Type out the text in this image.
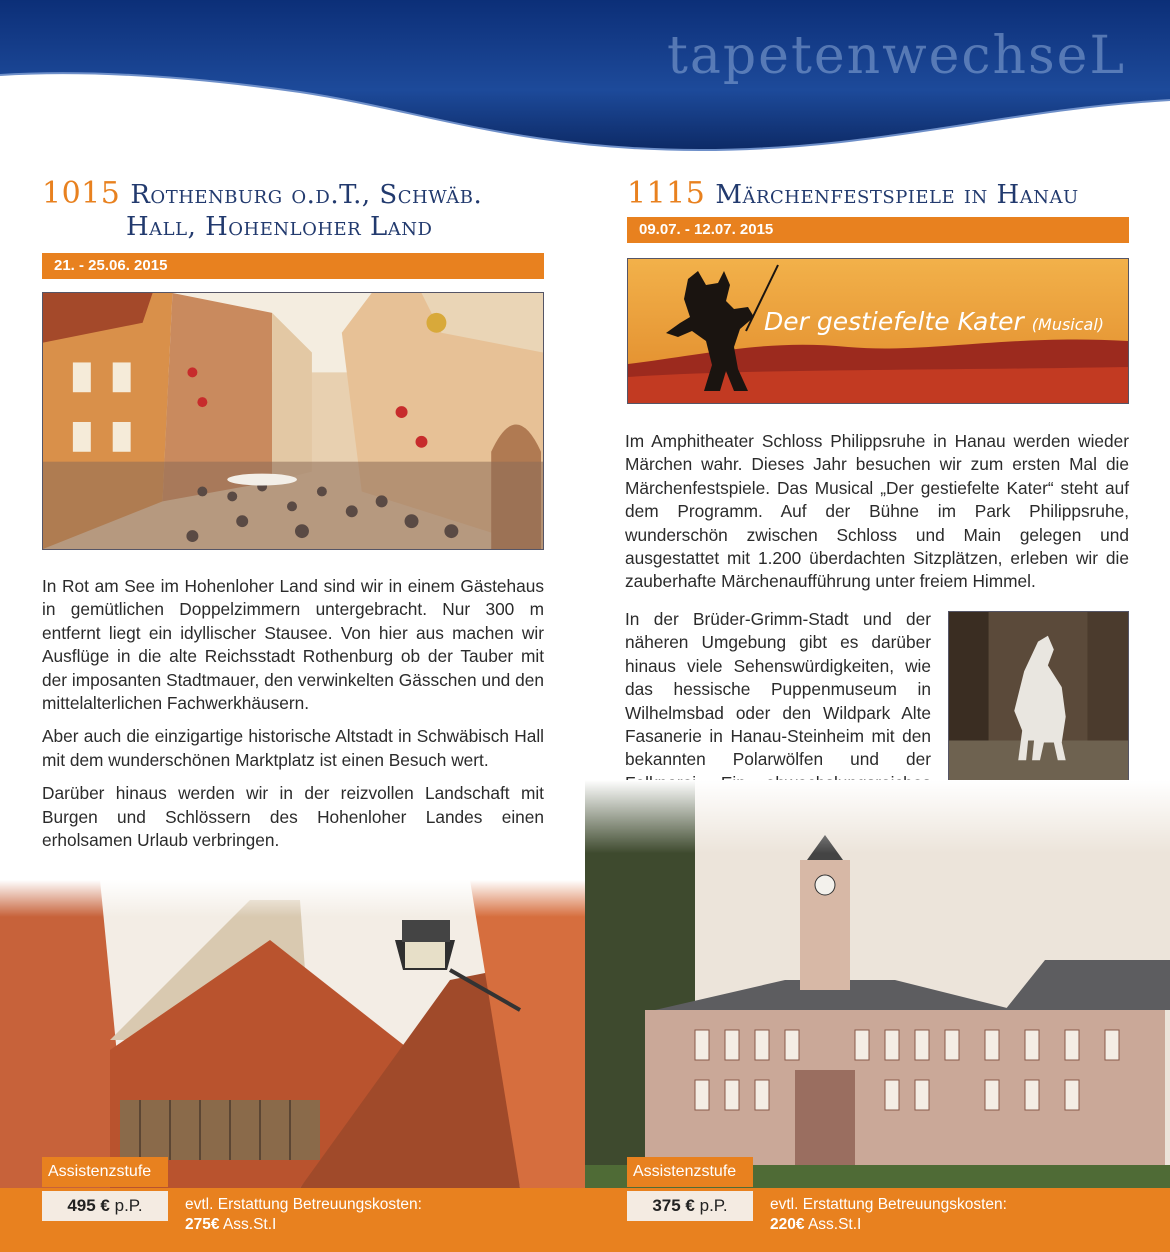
tapetenwechseL
1015 Rothenburg o.d.T., Schwäb.
Hall, Hohenloher Land
21. - 25.06. 2015

In Rot am See im Hohenloher Land sind wir in einem Gästehaus in gemütlichen Doppelzimmern untergebracht. Nur 300 m entfernt liegt ein idyllischer Stausee. Von hier aus machen wir Ausflüge in die alte Reichsstadt Rothenburg ob der Tauber mit der imposanten Stadtmauer, den verwinkelten Gässchen und den mittelalterlichen Fachwerkhäusern.

Aber auch die einzigartige historische Altstadt in Schwäbisch Hall mit dem wunderschönen Marktplatz ist einen Besuch wert.

Darüber hinaus werden wir in der reizvollen Landschaft mit Burgen und Schlössern des Hohenloher Landes einen erholsamen Urlaub verbringen.

Assistenzstufe
495 € p.P.	evtl. Erstattung Betreuungskosten:
275€ Ass.St.I
1115 Märchenfestspiele in Hanau
09.07. - 12.07. 2015
Der gestiefelte Kater (Musical)

Im Amphitheater Schloss Philippsruhe in Hanau werden wieder Märchen wahr. Dieses Jahr besuchen wir zum ersten Mal die Märchenfestspiele. Das Musical „Der gestiefelte Kater“ steht auf dem Programm. Auf der Bühne im Park Philippsruhe, wunderschön zwischen Schloss und Main gelegen und ausgestattet mit 1.200 überdachten Sitzplätzen, erleben wir die zauberhafte Märchenaufführung unter freiem Himmel.

In der Brüder-Grimm-Stadt und der näheren Umgebung gibt es darüber hinaus viele Sehenswürdigkeiten, wie das hessische Puppenmuseum in Wilhelmsbad oder den Wildpark Alte Fasanerie in Hanau-Steinheim mit den bekannten Polarwölfen und der

Assistenzstufe
375 € p.P.	evtl. Erstattung Betreuungskosten:
220€ Ass.St.I
